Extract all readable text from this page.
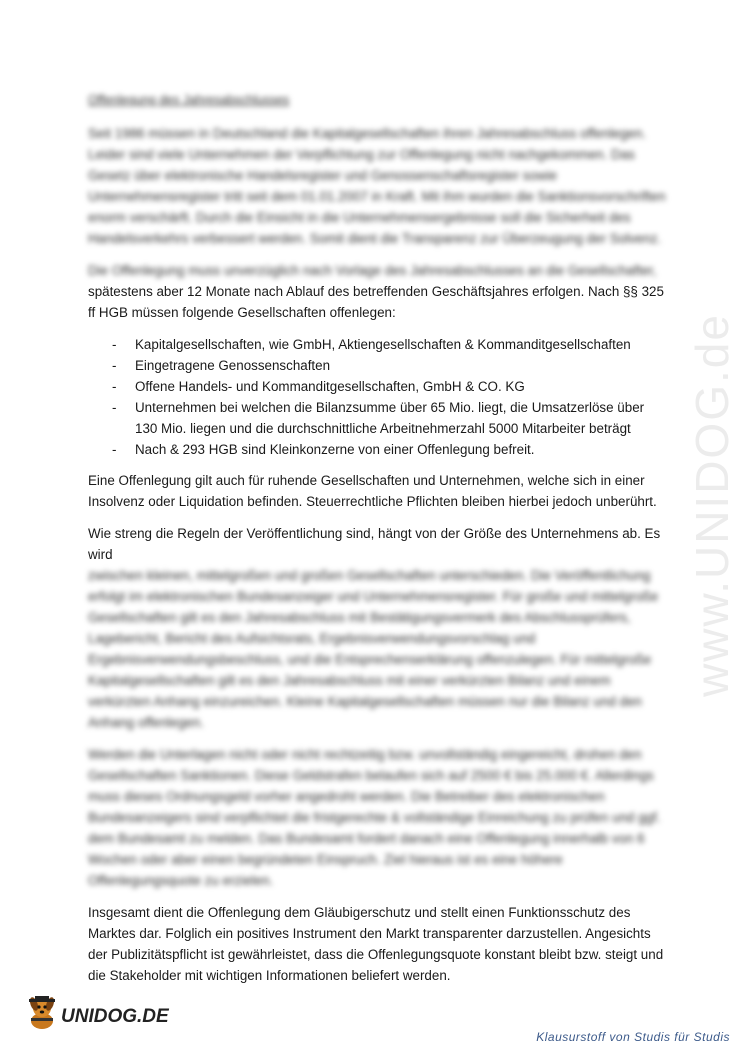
www.UNIDOG.de
Offenlegung des Jahresabschlusses

Seit 1986 müssen in Deutschland die Kapitalgesellschaften ihren Jahresabschluss offenlegen. Leider sind viele Unternehmen der Verpflichtung zur Offenlegung nicht nachgekommen. Das Gesetz über elektronische Handelsregister und Genossenschaftsregister sowie Unternehmensregister tritt seit dem 01.01.2007 in Kraft. Mit ihm wurden die Sanktionsvorschriften enorm verschärft. Durch die Einsicht in die Unternehmensergebnisse soll die Sicherheit des Handelsverkehrs verbessert werden. Somit dient die Transparenz zur Überzeugung der Solvenz.

Die Offenlegung muss unverzüglich nach Vorlage des Jahresabschlusses an die Gesellschafter,
spätestens aber 12 Monate nach Ablauf des betreffenden Geschäftsjahres erfolgen. Nach §§ 325 ff HGB müssen folgende Gesellschaften offenlegen:
- Kapitalgesellschaften, wie GmbH, Aktiengesellschaften & Kommanditgesellschaften
- Eingetragene Genossenschaften
- Offene Handels- und Kommanditgesellschaften, GmbH & CO. KG
- Unternehmen bei welchen die Bilanzsumme über 65 Mio. liegt, die Umsatzerlöse über 130 Mio. liegen und die durchschnittliche Arbeitnehmerzahl 5000 Mitarbeiter beträgt
- Nach & 293 HGB sind Kleinkonzerne von einer Offenlegung befreit.

Eine Offenlegung gilt auch für ruhende Gesellschaften und Unternehmen, welche sich in einer Insolvenz oder Liquidation befinden. Steuerrechtliche Pflichten bleiben hierbei jedoch unberührt.

Wie streng die Regeln der Veröffentlichung sind, hängt von der Größe des Unternehmens ab. Es wird
zwischen kleinen, mittelgroßen und großen Gesellschaften unterschieden. Die Veröffentlichung erfolgt im elektronischen Bundesanzeiger und Unternehmensregister. Für große und mittelgroße Gesellschaften gilt es den Jahresabschluss mit Bestätigungsvermerk des Abschlussprüfers, Lagebericht, Bericht des Aufsichtsrats, Ergebnisverwendungsvorschlag und Ergebnisverwendungsbeschluss, und die Entsprechenserklärung offenzulegen. Für mittelgroße Kapitalgesellschaften gilt es den Jahresabschluss mit einer verkürzten Bilanz und einem verkürzten Anhang einzureichen. Kleine Kapitalgesellschaften müssen nur die Bilanz und den Anhang offenlegen.

Werden die Unterlagen nicht oder nicht rechtzeitig bzw. unvollständig eingereicht, drohen den Gesellschaften Sanktionen. Diese Geldstrafen belaufen sich auf 2500 € bis 25.000 €. Allerdings muss dieses Ordnungsgeld vorher angedroht werden. Die Betreiber des elektronischen Bundesanzeigers sind verpflichtet die fristgerechte & vollständige Einreichung zu prüfen und ggf. dem Bundesamt zu melden. Das Bundesamt fordert danach eine Offenlegung innerhalb von 6 Wochen oder aber einen begründeten Einspruch. Ziel hieraus ist es eine höhere Offenlegungsquote zu erzielen.

Insgesamt dient die Offenlegung dem Gläubigerschutz und stellt einen Funktionsschutz des Marktes dar. Folglich ein positives Instrument den Markt transparenter darzustellen. Angesichts der Publizitätspflicht ist gewährleistet, dass die Offenlegungsquote konstant bleibt bzw. steigt und die Stakeholder mit wichtigen Informationen beliefert werden.

UNIDOG.DE
Klausurstoff von Studis für Studis
